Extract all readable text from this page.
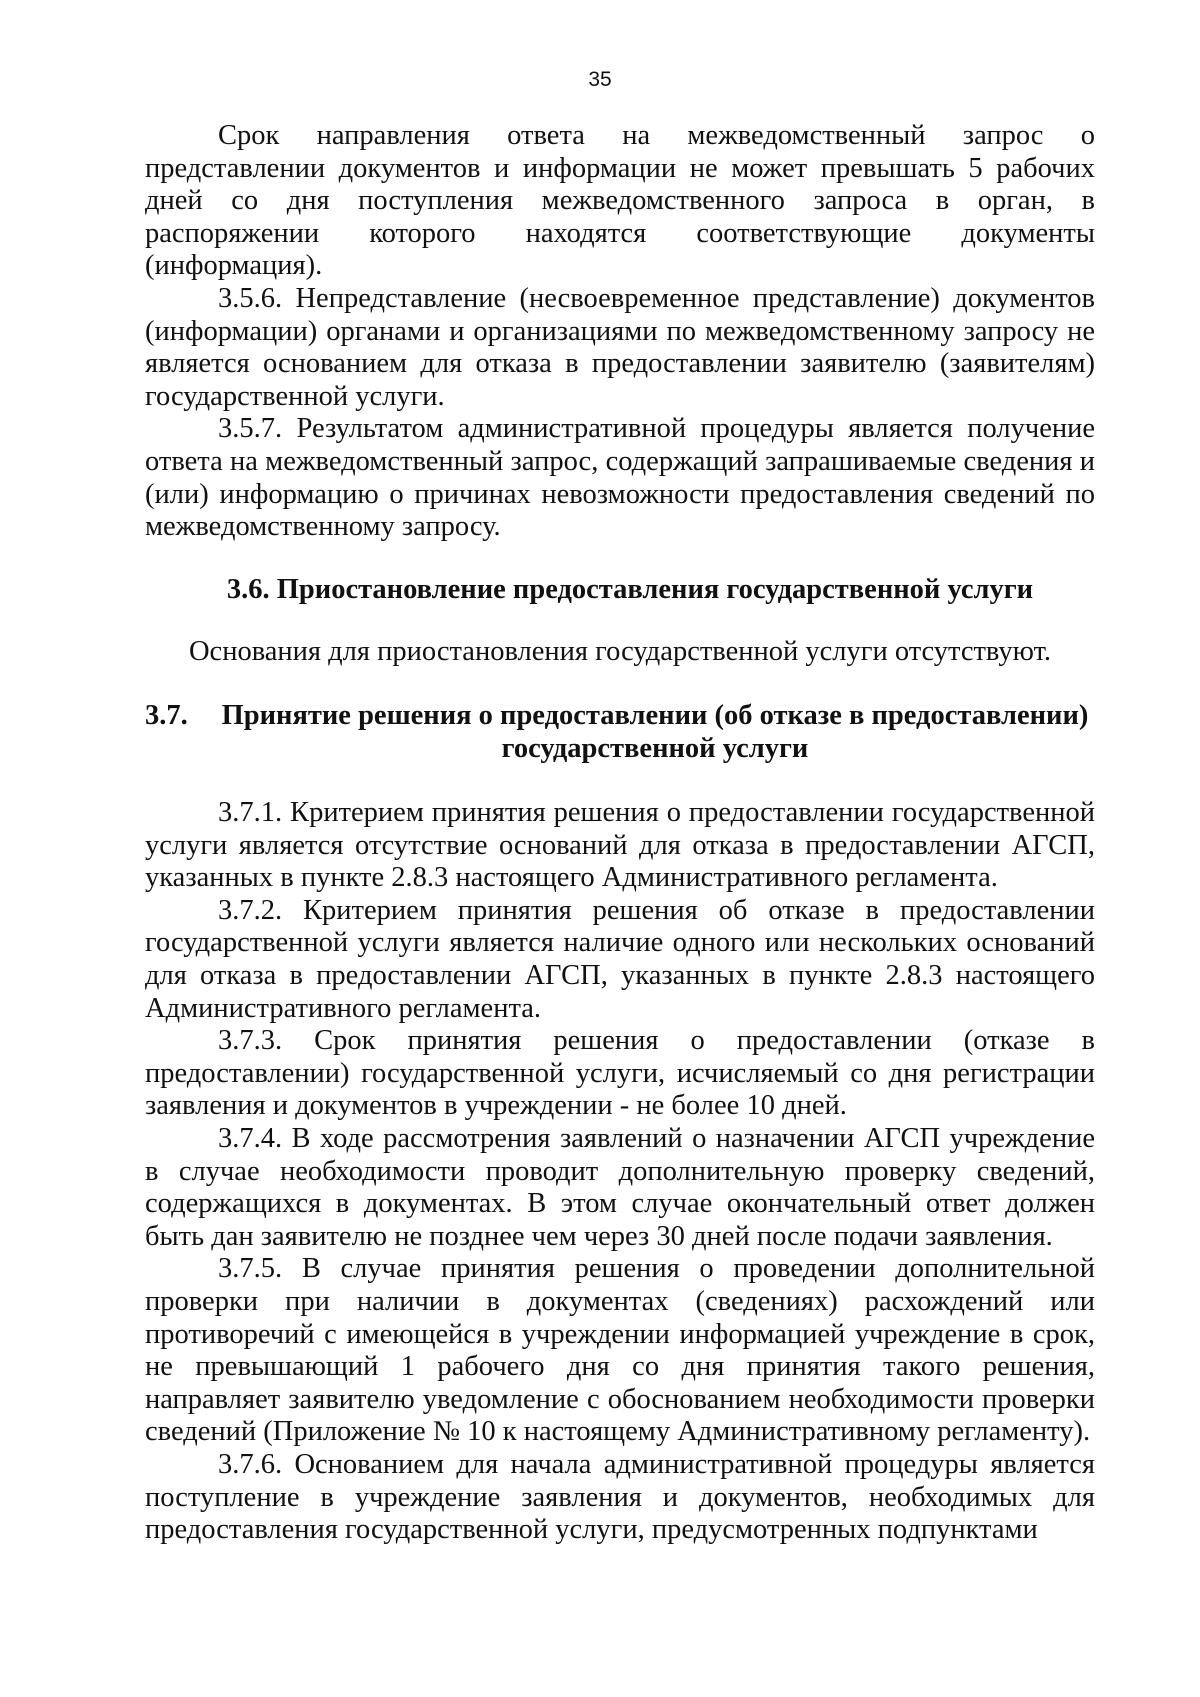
35

Срок направления ответа на межведомственный запрос о представлении документов и информации не может превышать 5 рабочих дней со дня поступления межведомственного запроса в орган, в распоряжении которого находятся соответствующие документы (информация).

3.5.6. Непредставление (несвоевременное представление) документов (информации) органами и организациями по межведомственному запросу не является основанием для отказа в предоставлении заявителю (заявителям) государственной услуги.

3.5.7. Результатом административной процедуры является получение ответа на межведомственный запрос, содержащий запрашиваемые сведения и (или) информацию о причинах невозможности предоставления сведений по межведомственному запросу.

3.6. Приостановление предоставления государственной услуги

Основания для приостановления государственной услуги отсутствуют.

3.7.	Принятие решения о предоставлении (об отказе в предоставлении) государственной услуги

3.7.1. Критерием принятия решения о предоставлении государственной услуги является отсутствие оснований для отказа в предоставлении АГСП, указанных в пункте 2.8.3 настоящего Административного регламента.

3.7.2. Критерием принятия решения об отказе в предоставлении государственной услуги является наличие одного или нескольких оснований для отказа в предоставлении АГСП, указанных в пункте 2.8.3 настоящего Административного регламента.

3.7.3. Срок принятия решения о предоставлении (отказе в предоставлении) государственной услуги, исчисляемый со дня регистрации заявления и документов в учреждении - не более 10 дней.

3.7.4. В ходе рассмотрения заявлений о назначении АГСП учреждение в случае необходимости проводит дополнительную проверку сведений, содержащихся в документах. В этом случае окончательный ответ должен быть дан заявителю не позднее чем через 30 дней после подачи заявления.

3.7.5. В случае принятия решения о проведении дополнительной проверки при наличии в документах (сведениях) расхождений или противоречий с имеющейся в учреждении информацией учреждение в срок, не превышающий 1 рабочего дня со дня принятия такого решения, направляет заявителю уведомление с обоснованием необходимости проверки сведений (Приложение № 10 к настоящему Административному регламенту).

3.7.6. Основанием для начала административной процедуры является поступление в учреждение заявления и документов, необходимых для предоставления государственной услуги, предусмотренных подпунктами
